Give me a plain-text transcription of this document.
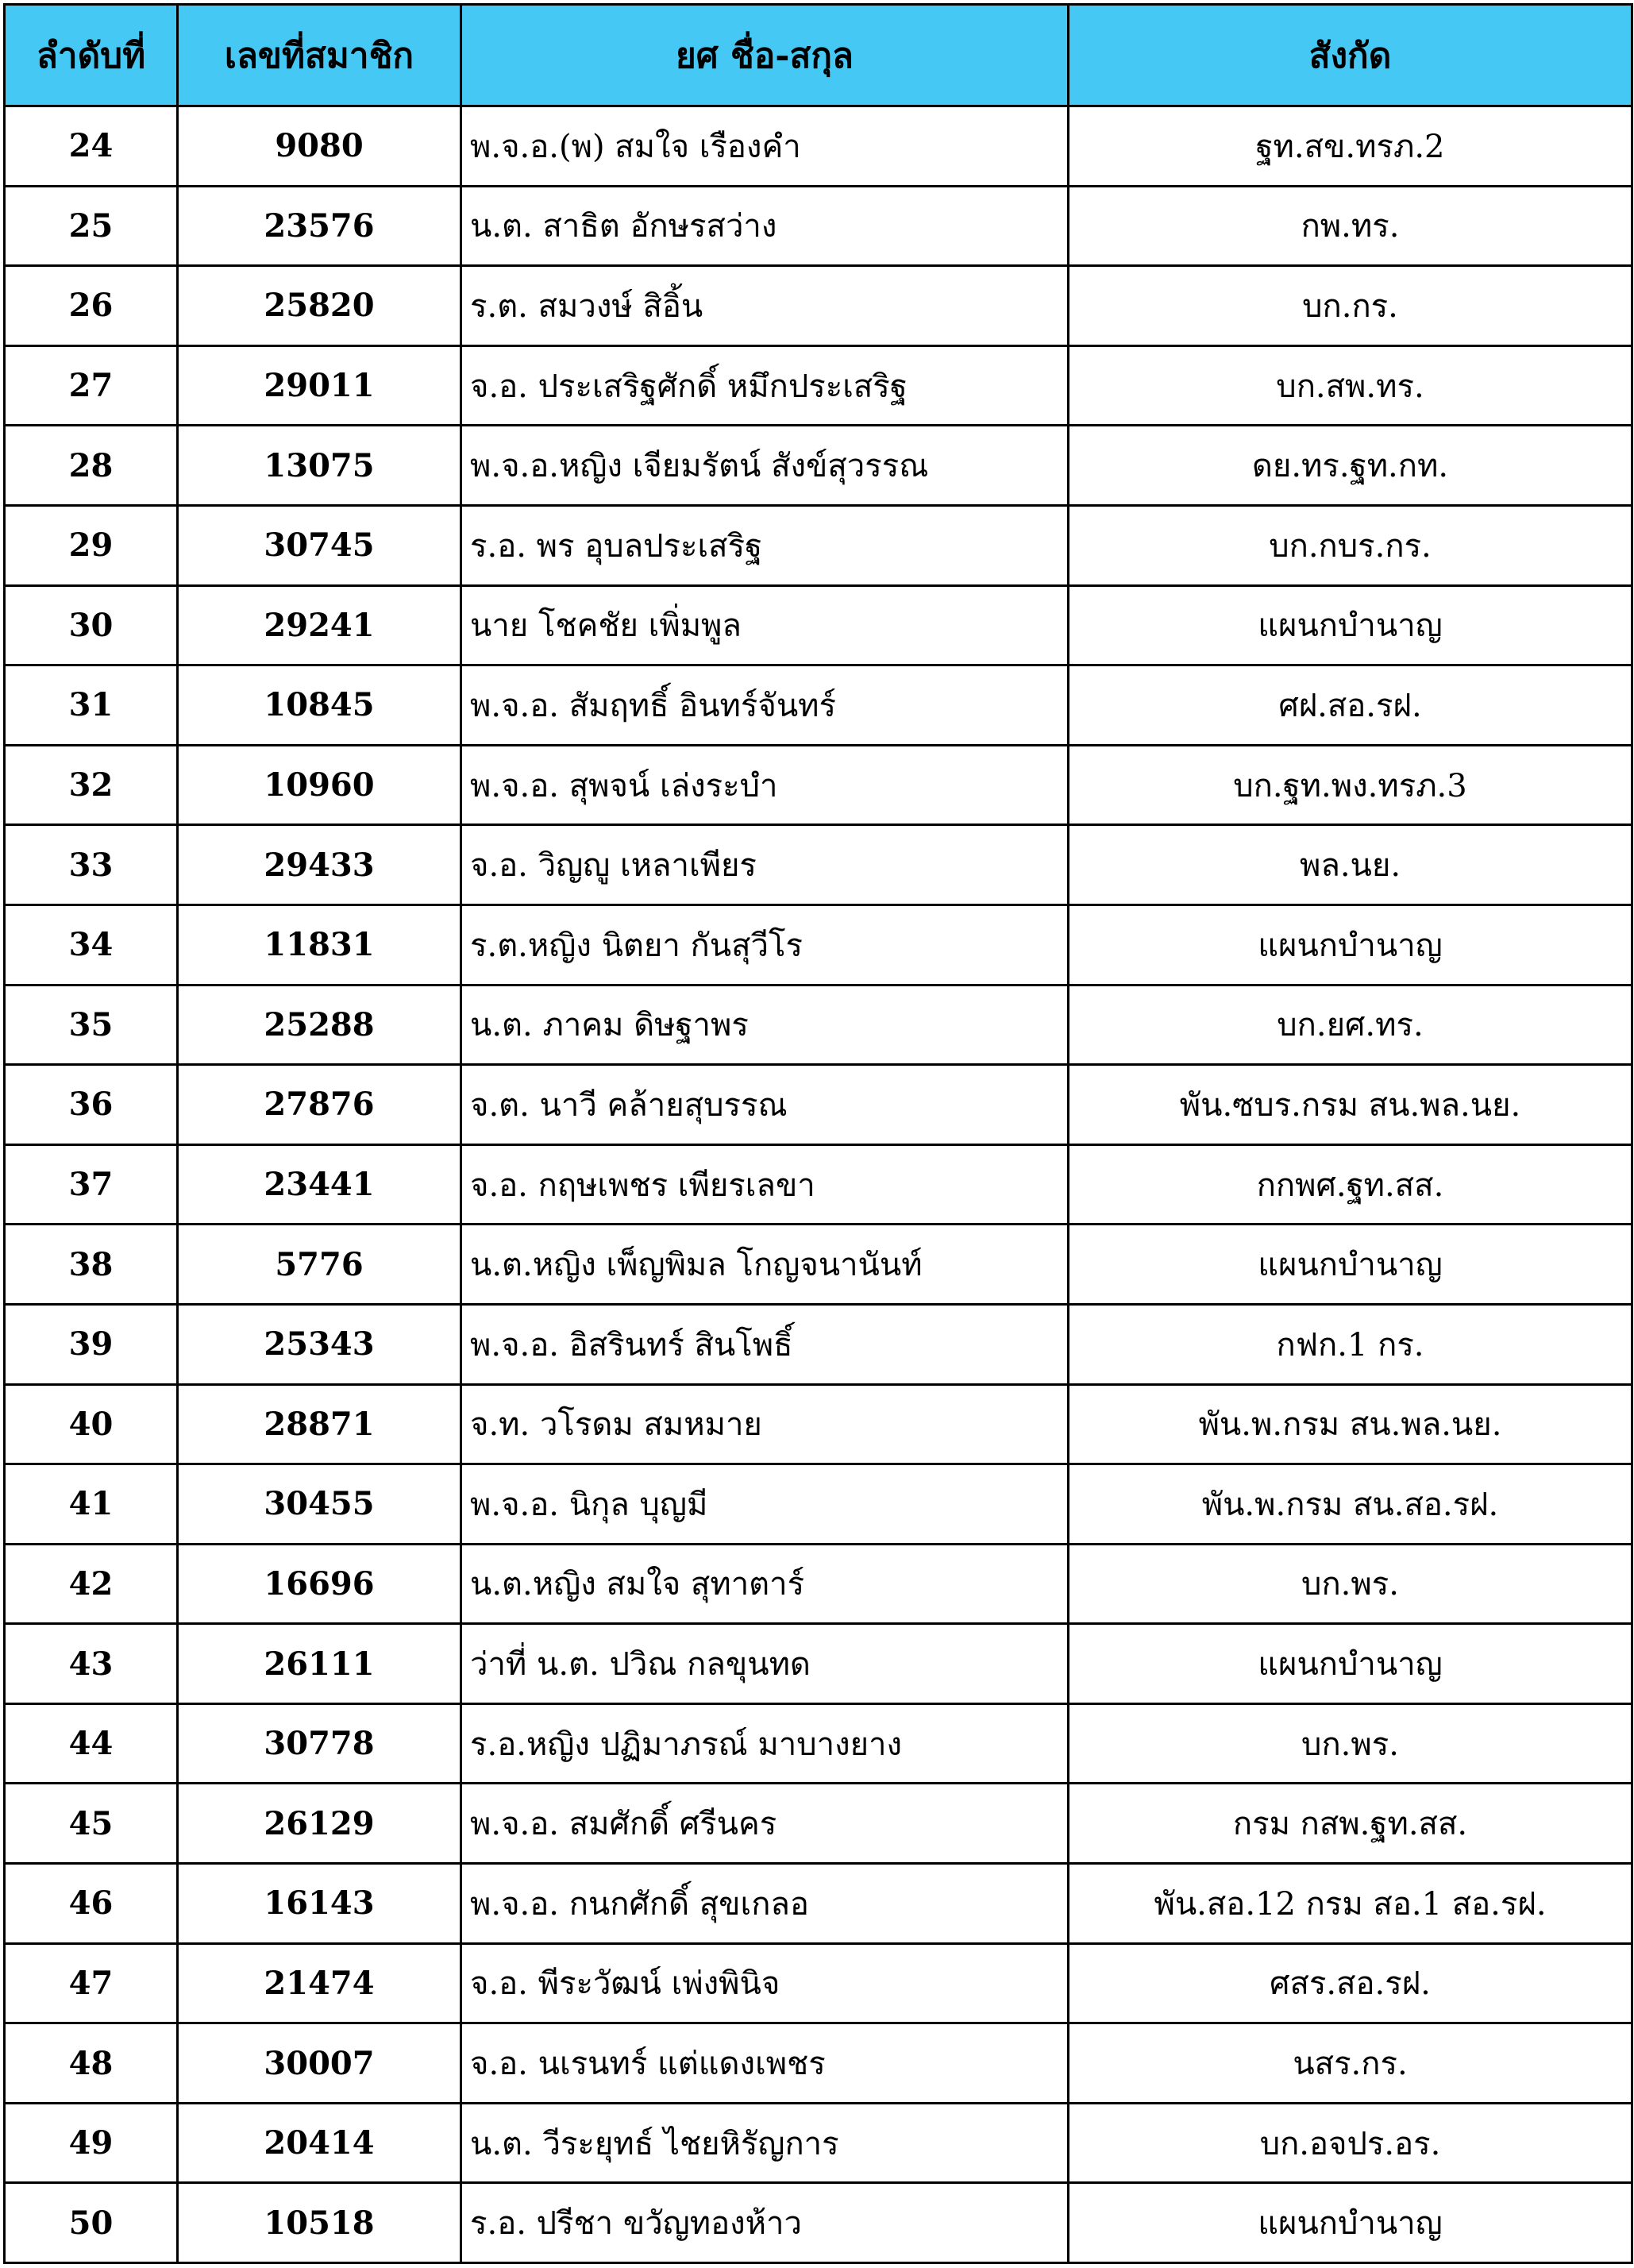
ลำดับที่	เลขที่สมาชิก	ยศ ชื่อ-สกุล	สังกัด
24	9080	พ.จ.อ.(พ) สมใจ เรืองคำ	ฐท.สข.ทรภ.2
25	23576	น.ต. สาธิต อักษรสว่าง	กพ.ทร.
26	25820	ร.ต. สมวงษ์ สิอิ้น	บก.กร.
27	29011	จ.อ. ประเสริฐศักดิ์ หมึกประเสริฐ	บก.สพ.ทร.
28	13075	พ.จ.อ.หญิง เจียมรัตน์ สังข์สุวรรณ	ดย.ทร.ฐท.กท.
29	30745	ร.อ. พร อุบลประเสริฐ	บก.กบร.กร.
30	29241	นาย โชคชัย เพิ่มพูล	แผนกบำนาญ
31	10845	พ.จ.อ. สัมฤทธิ์ อินทร์จันทร์	ศฝ.สอ.รฝ.
32	10960	พ.จ.อ. สุพจน์ เล่งระบำ	บก.ฐท.พง.ทรภ.3
33	29433	จ.อ. วิญญู เหลาเพียร	พล.นย.
34	11831	ร.ต.หญิง นิตยา กันสุวีโร	แผนกบำนาญ
35	25288	น.ต. ภาคม ดิษฐาพร	บก.ยศ.ทร.
36	27876	จ.ต. นาวี คล้ายสุบรรณ	พัน.ซบร.กรม สน.พล.นย.
37	23441	จ.อ. กฤษเพชร เพียรเลขา	กกพศ.ฐท.สส.
38	5776	น.ต.หญิง เพ็ญพิมล โกญจนานันท์	แผนกบำนาญ
39	25343	พ.จ.อ. อิสรินทร์ สินโพธิ์	กฟก.1 กร.
40	28871	จ.ท. วโรดม สมหมาย	พัน.พ.กรม สน.พล.นย.
41	30455	พ.จ.อ. นิกุล บุญมี	พัน.พ.กรม สน.สอ.รฝ.
42	16696	น.ต.หญิง สมใจ สุทาตาร์	บก.พร.
43	26111	ว่าที่ น.ต. ปวิณ กลขุนทด	แผนกบำนาญ
44	30778	ร.อ.หญิง ปฏิมาภรณ์ มาบางยาง	บก.พร.
45	26129	พ.จ.อ. สมศักดิ์ ศรีนคร	กรม กสพ.ฐท.สส.
46	16143	พ.จ.อ. กนกศักดิ์ สุขเกลอ	พัน.สอ.12 กรม สอ.1 สอ.รฝ.
47	21474	จ.อ. พีระวัฒน์ เพ่งพินิจ	ศสร.สอ.รฝ.
48	30007	จ.อ. นเรนทร์ แต่แดงเพชร	นสร.กร.
49	20414	น.ต. วีระยุทธ์ ไชยหิรัญการ	บก.อจปร.อร.
50	10518	ร.อ. ปรีชา ขวัญทองห้าว	แผนกบำนาญ
